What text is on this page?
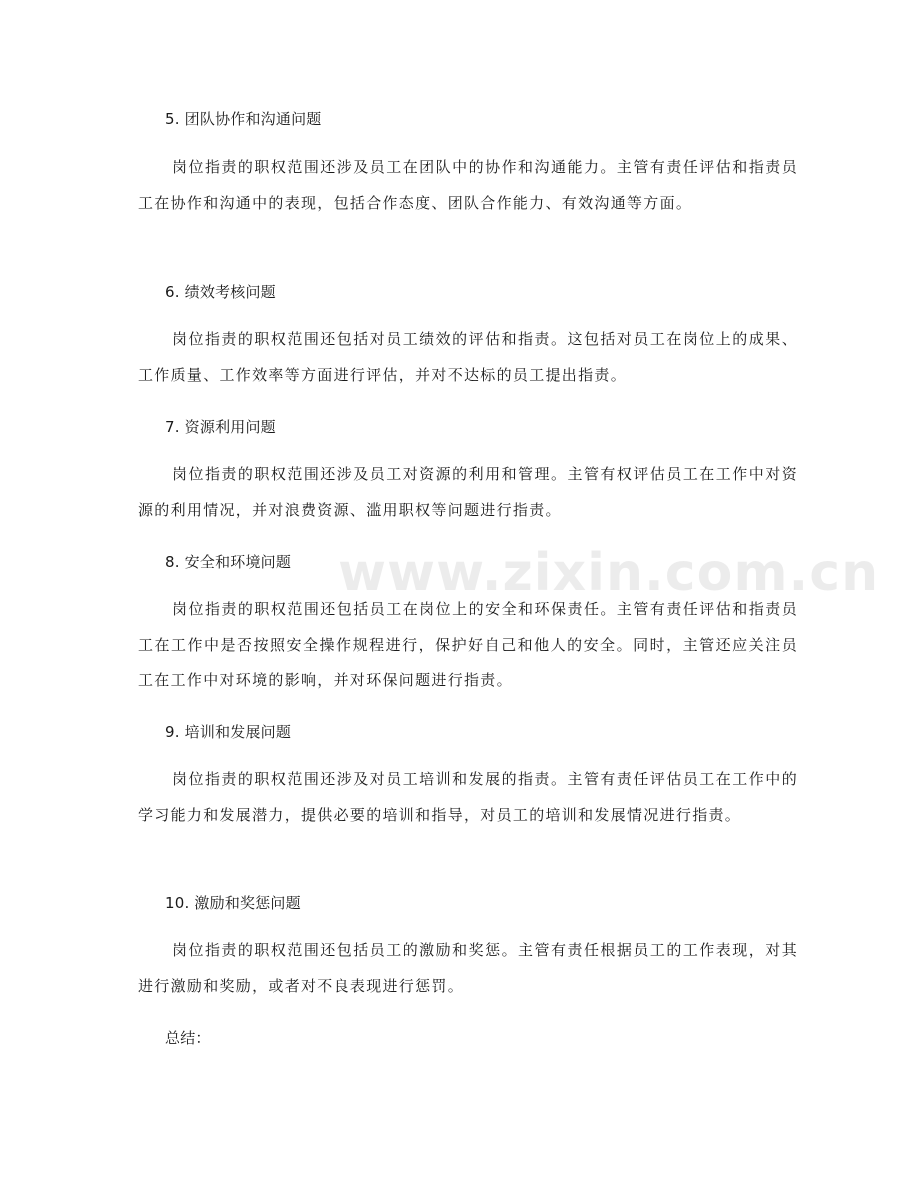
5. 团队协作和沟通问题

岗位指责的职权范围还涉及员工在团队中的协作和沟通能力。主管有责任评估和指责员工在协作和沟通中的表现，包括合作态度、团队合作能力、有效沟通等方面。

6. 绩效考核问题

岗位指责的职权范围还包括对员工绩效的评估和指责。这包括对员工在岗位上的成果、工作质量、工作效率等方面进行评估，并对不达标的员工提出指责。

7. 资源利用问题

岗位指责的职权范围还涉及员工对资源的利用和管理。主管有权评估员工在工作中对资源的利用情况，并对浪费资源、滥用职权等问题进行指责。

8. 安全和环境问题

岗位指责的职权范围还包括员工在岗位上的安全和环保责任。主管有责任评估和指责员工在工作中是否按照安全操作规程进行，保护好自己和他人的安全。同时，主管还应关注员工在工作中对环境的影响，并对环保问题进行指责。

9. 培训和发展问题

岗位指责的职权范围还涉及对员工培训和发展的指责。主管有责任评估员工在工作中的学习能力和发展潜力，提供必要的培训和指导，对员工的培训和发展情况进行指责。

10. 激励和奖惩问题

岗位指责的职权范围还包括员工的激励和奖惩。主管有责任根据员工的工作表现，对其进行激励和奖励，或者对不良表现进行惩罚。

总结：
www.zixin.com.cn
